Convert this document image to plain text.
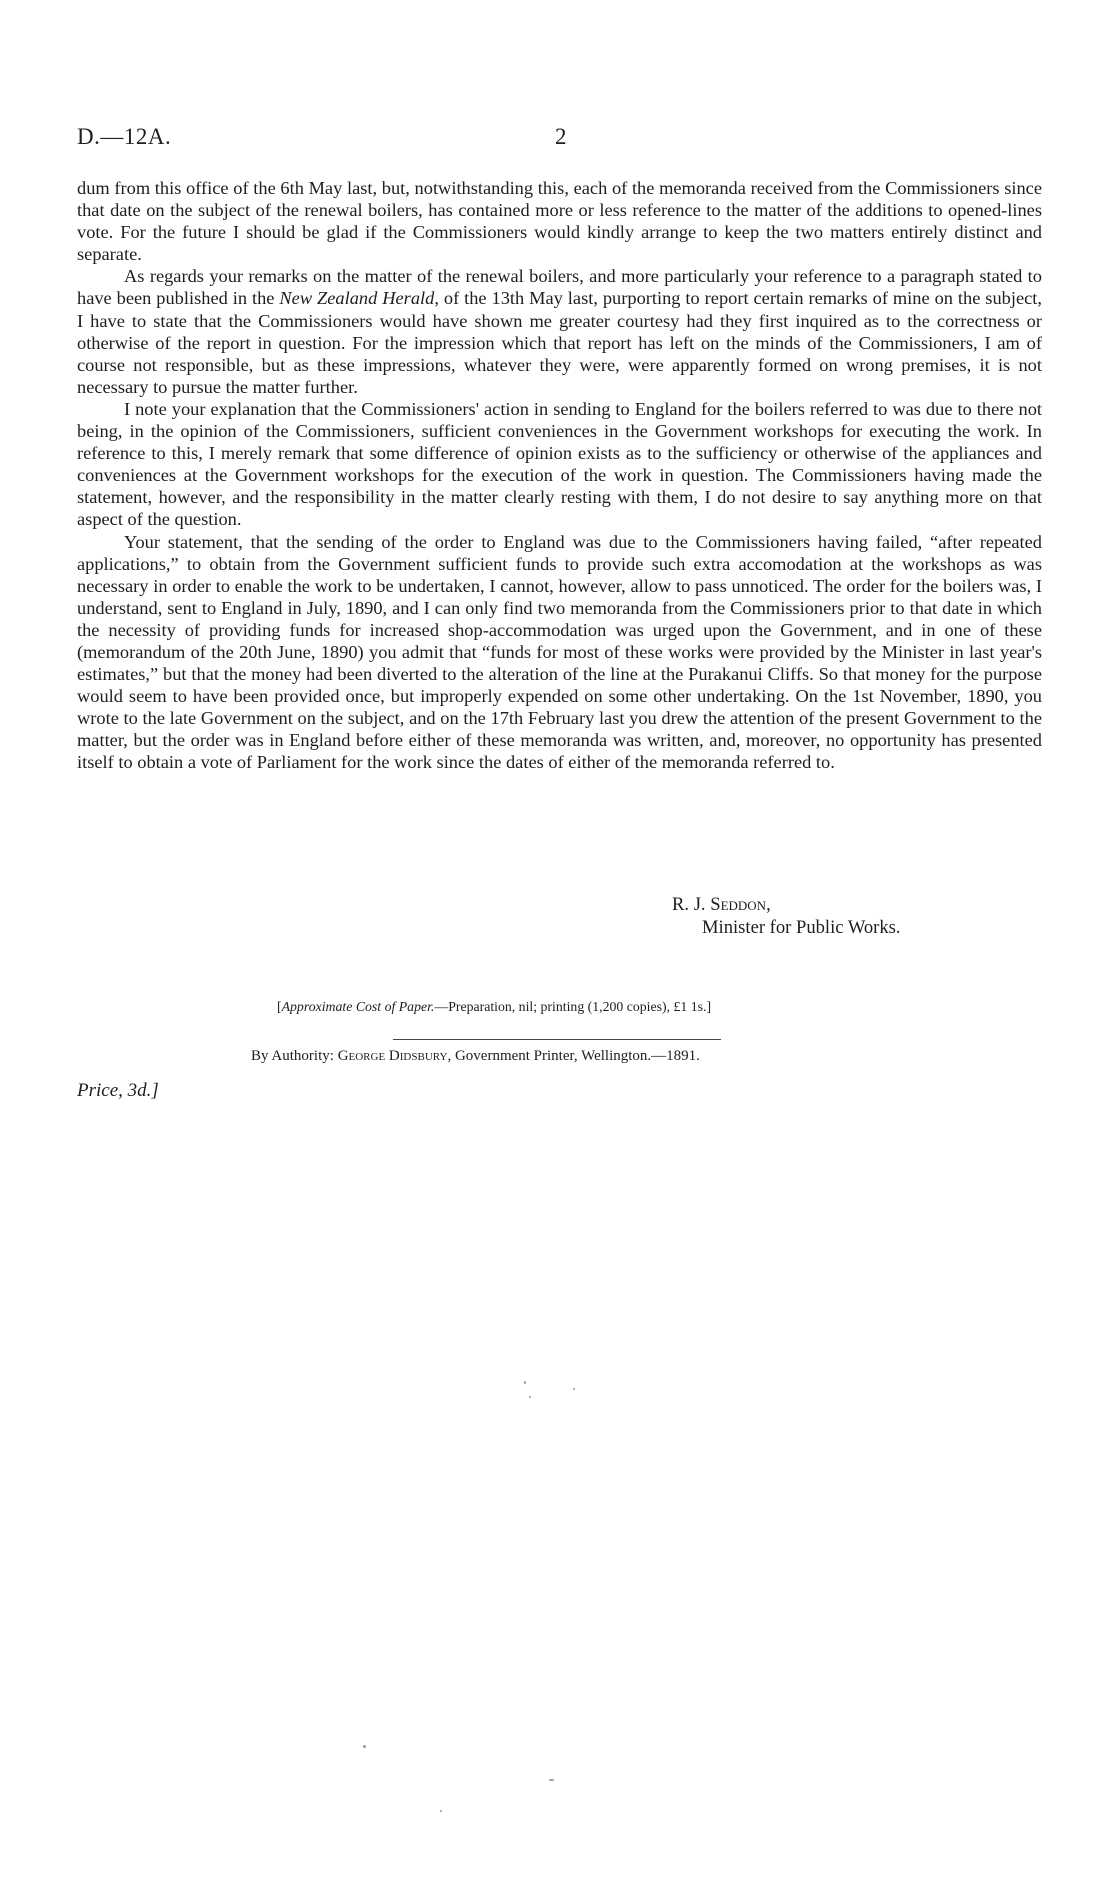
D.—12A.	2

dum from this office of the 6th May last, but, notwithstanding this, each of the memoranda received from the Commissioners since that date on the subject of the renewal boilers, has contained more or less reference to the matter of the additions to opened-lines vote. For the future I should be glad if the Commissioners would kindly arrange to keep the two matters entirely distinct and separate.

As regards your remarks on the matter of the renewal boilers, and more particularly your reference to a paragraph stated to have been published in the New Zealand Herald, of the 13th May last, purporting to report certain remarks of mine on the subject, I have to state that the Commissioners would have shown me greater courtesy had they first inquired as to the correctness or otherwise of the report in question. For the impression which that report has left on the minds of the Commissioners, I am of course not responsible, but as these impressions, whatever they were, were apparently formed on wrong premises, it is not necessary to pursue the matter further.

I note your explanation that the Commissioners' action in sending to England for the boilers referred to was due to there not being, in the opinion of the Commissioners, sufficient conveniences in the Government workshops for executing the work. In reference to this, I merely remark that some difference of opinion exists as to the sufficiency or otherwise of the appliances and conveniences at the Government workshops for the execution of the work in question. The Commissioners having made the statement, however, and the responsibility in the matter clearly resting with them, I do not desire to say anything more on that aspect of the question.

Your statement, that the sending of the order to England was due to the Commissioners having failed, “after repeated applications,” to obtain from the Government sufficient funds to provide such extra accomodation at the workshops as was necessary in order to enable the work to be undertaken, I cannot, however, allow to pass unnoticed. The order for the boilers was, I understand, sent to England in July, 1890, and I can only find two memoranda from the Commissioners prior to that date in which the necessity of providing funds for increased shop-accommodation was urged upon the Government, and in one of these (memorandum of the 20th June, 1890) you admit that “funds for most of these works were provided by the Minister in last year's estimates,” but that the money had been diverted to the alteration of the line at the Purakanui Cliffs. So that money for the purpose would seem to have been provided once, but improperly expended on some other undertaking. On the 1st November, 1890, you wrote to the late Government on the subject, and on the 17th February last you drew the attention of the present Government to the matter, but the order was in England before either of these memoranda was written, and, moreover, no opportunity has presented itself to obtain a vote of Parliament for the work since the dates of either of the memoranda referred to.

R. J. Seddon,
Minister for Public Works.
[Approximate Cost of Paper.—Preparation, nil; printing (1,200 copies), £1 1s.]
By Authority: George Didsbury, Government Printer, Wellington.—1891.
Price, 3d.]
